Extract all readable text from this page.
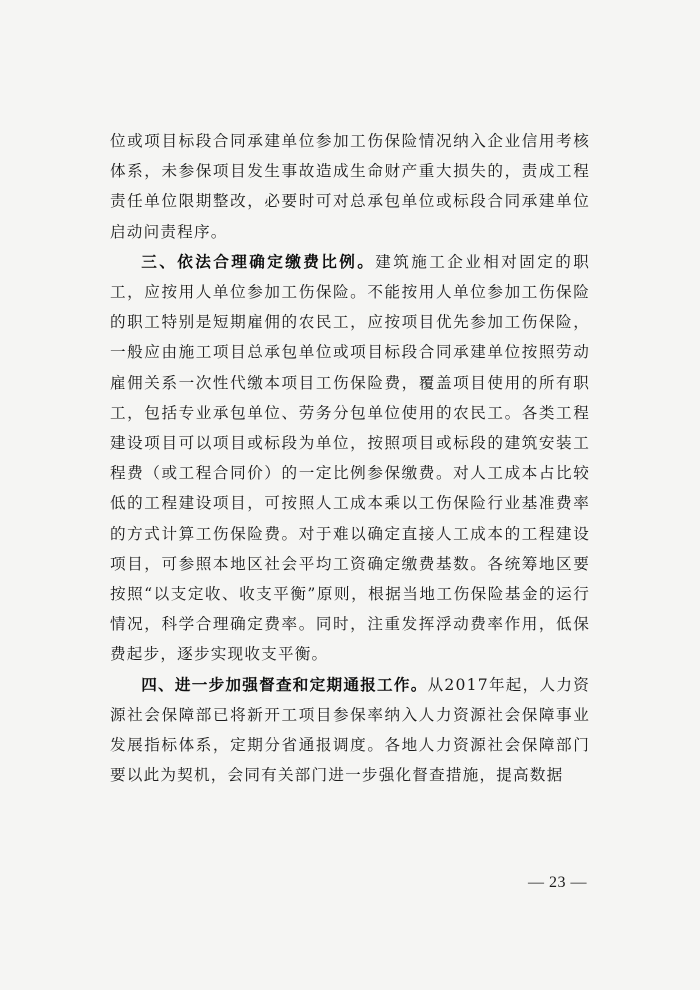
位或项目标段合同承建单位参加工伤保险情况纳入企业信用考核体系，未参保项目发生事故造成生命财产重大损失的，责成工程责任单位限期整改，必要时可对总承包单位或标段合同承建单位启动问责程序。

三、依法合理确定缴费比例。建筑施工企业相对固定的职工，应按用人单位参加工伤保险。不能按用人单位参加工伤保险的职工特别是短期雇佣的农民工，应按项目优先参加工伤保险，一般应由施工项目总承包单位或项目标段合同承建单位按照劳动雇佣关系一次性代缴本项目工伤保险费，覆盖项目使用的所有职工，包括专业承包单位、劳务分包单位使用的农民工。各类工程建设项目可以项目或标段为单位，按照项目或标段的建筑安装工程费（或工程合同价）的一定比例参保缴费。对人工成本占比较低的工程建设项目，可按照人工成本乘以工伤保险行业基准费率的方式计算工伤保险费。对于难以确定直接人工成本的工程建设项目，可参照本地区社会平均工资确定缴费基数。各统筹地区要按照“以支定收、收支平衡”原则，根据当地工伤保险基金的运行情况，科学合理确定费率。同时，注重发挥浮动费率作用，低保费起步，逐步实现收支平衡。

四、进一步加强督查和定期通报工作。从2017年起，人力资源社会保障部已将新开工项目参保率纳入人力资源社会保障事业发展指标体系，定期分省通报调度。各地人力资源社会保障部门要以此为契机，会同有关部门进一步强化督查措施，提高数据

— 23 —
